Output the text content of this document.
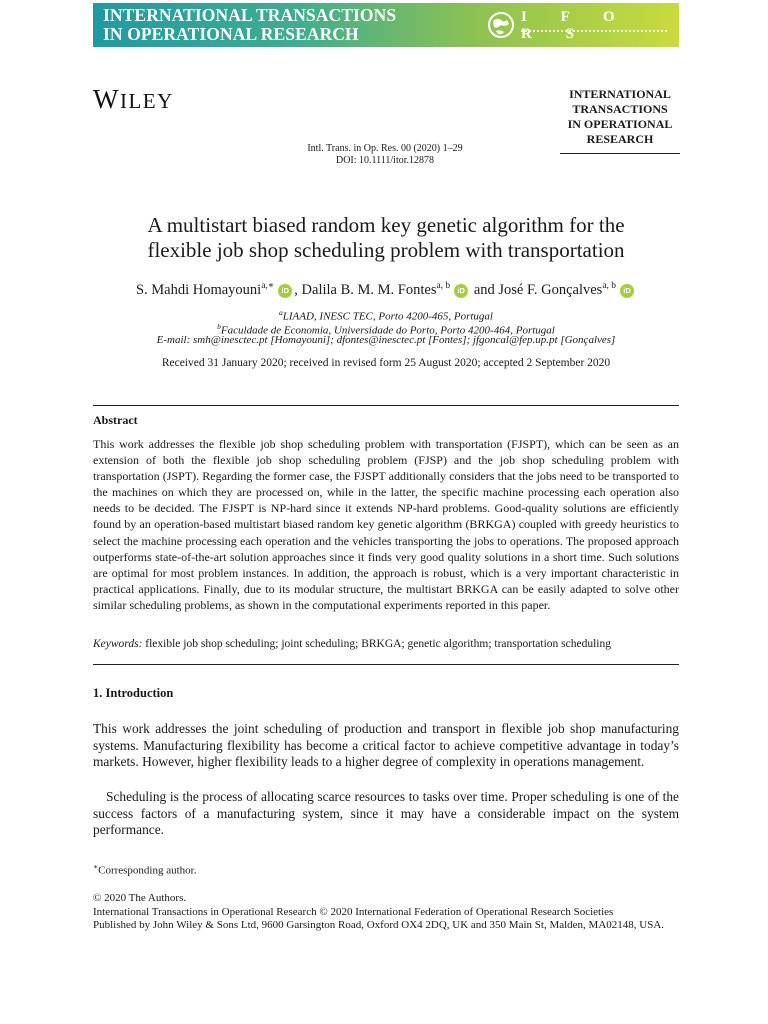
INTERNATIONAL TRANSACTIONS
IN OPERATIONAL RESEARCH
I F O R S
WILEY	INTERNATIONAL
TRANSACTIONS
IN OPERATIONAL
RESEARCH
Intl. Trans. in Op. Res. 00 (2020) 1–29
DOI: 10.1111/itor.12878
A multistart biased random key genetic algorithm for the
flexible job shop scheduling problem with transportation
S. Mahdi Homayouni$^{a,∗}$ iD , Dalila B. M. M. Fontes$^{a, b}$ iD and José F. Gonçalves$^{a, b}$ iD
$^a$LIAAD, INESC TEC, Porto 4200-465, Portugal
$^b$Faculdade de Economia, Universidade do Porto, Porto 4200-464, Portugal
E-mail: smh@inesctec.pt [Homayouni]; dfontes@inesctec.pt [Fontes]; jfgoncal@fep.up.pt [Gonçalves]
Received 31 January 2020; received in revised form 25 August 2020; accepted 2 September 2020
Abstract
This work addresses the flexible job shop scheduling problem with transportation (FJSPT), which can be seen as an extension of both the flexible job shop scheduling problem (FJSP) and the job shop scheduling problem with transportation (JSPT). Regarding the former case, the FJSPT additionally considers that the jobs need to be transported to the machines on which they are processed on, while in the latter, the specific machine processing each operation also needs to be decided. The FJSPT is NP-hard since it extends NP-hard problems. Good-quality solutions are efficiently found by an operation-based multistart biased random key genetic algorithm (BRKGA) coupled with greedy heuristics to select the machine processing each operation and the vehicles transporting the jobs to operations. The proposed approach outperforms state-of-the-art solution approaches since it finds very good quality solutions in a short time. Such solutions are optimal for most problem instances. In addition, the approach is robust, which is a very important characteristic in practical applications. Finally, due to its modular structure, the multistart BRKGA can be easily adapted to solve other similar scheduling problems, as shown in the computational experiments reported in this paper.
Keywords: flexible job shop scheduling; joint scheduling; BRKGA; genetic algorithm; transportation scheduling
1. Introduction
This work addresses the joint scheduling of production and transport in flexible job shop manufacturing systems. Manufacturing flexibility has become a critical factor to achieve competitive advantage in today’s markets. However, higher flexibility leads to a higher degree of complexity in operations management.
Scheduling is the process of allocating scarce resources to tasks over time. Proper scheduling is one of the success factors of a manufacturing system, since it may have a considerable impact on the system performance.
∗Corresponding author.
© 2020 The Authors.
International Transactions in Operational Research © 2020 International Federation of Operational Research Societies
Published by John Wiley & Sons Ltd, 9600 Garsington Road, Oxford OX4 2DQ, UK and 350 Main St, Malden, MA02148, USA.
